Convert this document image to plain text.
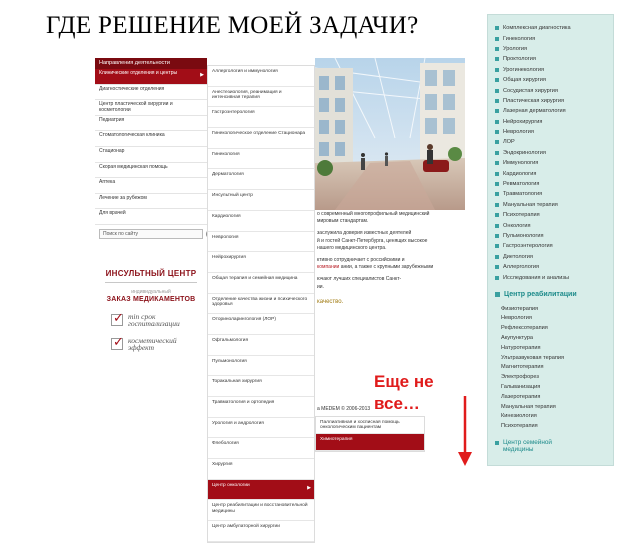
ГДЕ РЕШЕНИЕ МОЕЙ ЗАДАЧИ?
Направления деятельности
Клинические отделения и центры	▶
Диагностические отделения
Центр пластической хирургии и косметологии
Педиатрия
Стоматологическая клиника
Стационар
Скорая медицинская помощь
Аптека
Лечение за рубежом
Для врачей
Поиск по сайту
ИНСУЛЬТНЫЙ ЦЕНТР
индивидуальный
ЗАКАЗ МЕДИКАМЕНТОВ
✓
min срок госпитализации
✓
косметический эффект
о современный многопрофильный медицинский
мировым стандартам.
заслужила доверия известных деятелей
й и гостей Санкт-Петербурга, ценящих высокое
нашего медицинского центра.
ктивно сотрудничает с российскими и
компании ании, а также с крупными зарубежными
ючают лучших специалистов Санкт-
ии.
качество.
а MEDEM © 2006-2013
Аллергология и иммунология
Анестезиология, реанимация и интенсивная терапия
Гастроэнтерология
Гинекологическое отделение Стационара
Гинекология
Дерматология
Инсультный центр
Кардиология
Неврология
Нейрохирургия
Общая терапия и семейная медицина
Отделение качества жизни и психического здоровья
Оториноларингология (ЛОР)
Офтальмология
Пульмонология
Торакальная хирургия
Травматология и ортопедия
Урология и андрология
Флебология
Хирургия
Центр онкологии	▶
Центр реабилитации и восстановительной медицины
Центр амбулаторной хирургии
Паллиативная и хосписная помощь онкологическим пациентам
Химиотерапия
Еще не все…
Комплексная диагностика
Гинекология
Урология
Проктология
Урогинекология
Общая хирургия
Сосудистая хирургия
Пластическая хирургия
Лазерная дерматология
Нейрохирургия
Неврология
ЛОР
Эндокринология
Иммунология
Кардиология
Ревматология
Травматология
Мануальная терапия
Психотерапия
Онкология
Пульмонология
Гастроэнтерология
Диетология
Аллергология
Исследования и анализы
Центр реабилитации
Физиотерапия
Неврология
Рефлексотерапия
Акупунктура
Натуротерапия
Ультразвуковая терапия
Магнитотерапия
Электрофорез
Гальванизация
Лазеротерапия
Мануальная терапия
Кинезиология
Психотерапия
Центр семейной
медицины
